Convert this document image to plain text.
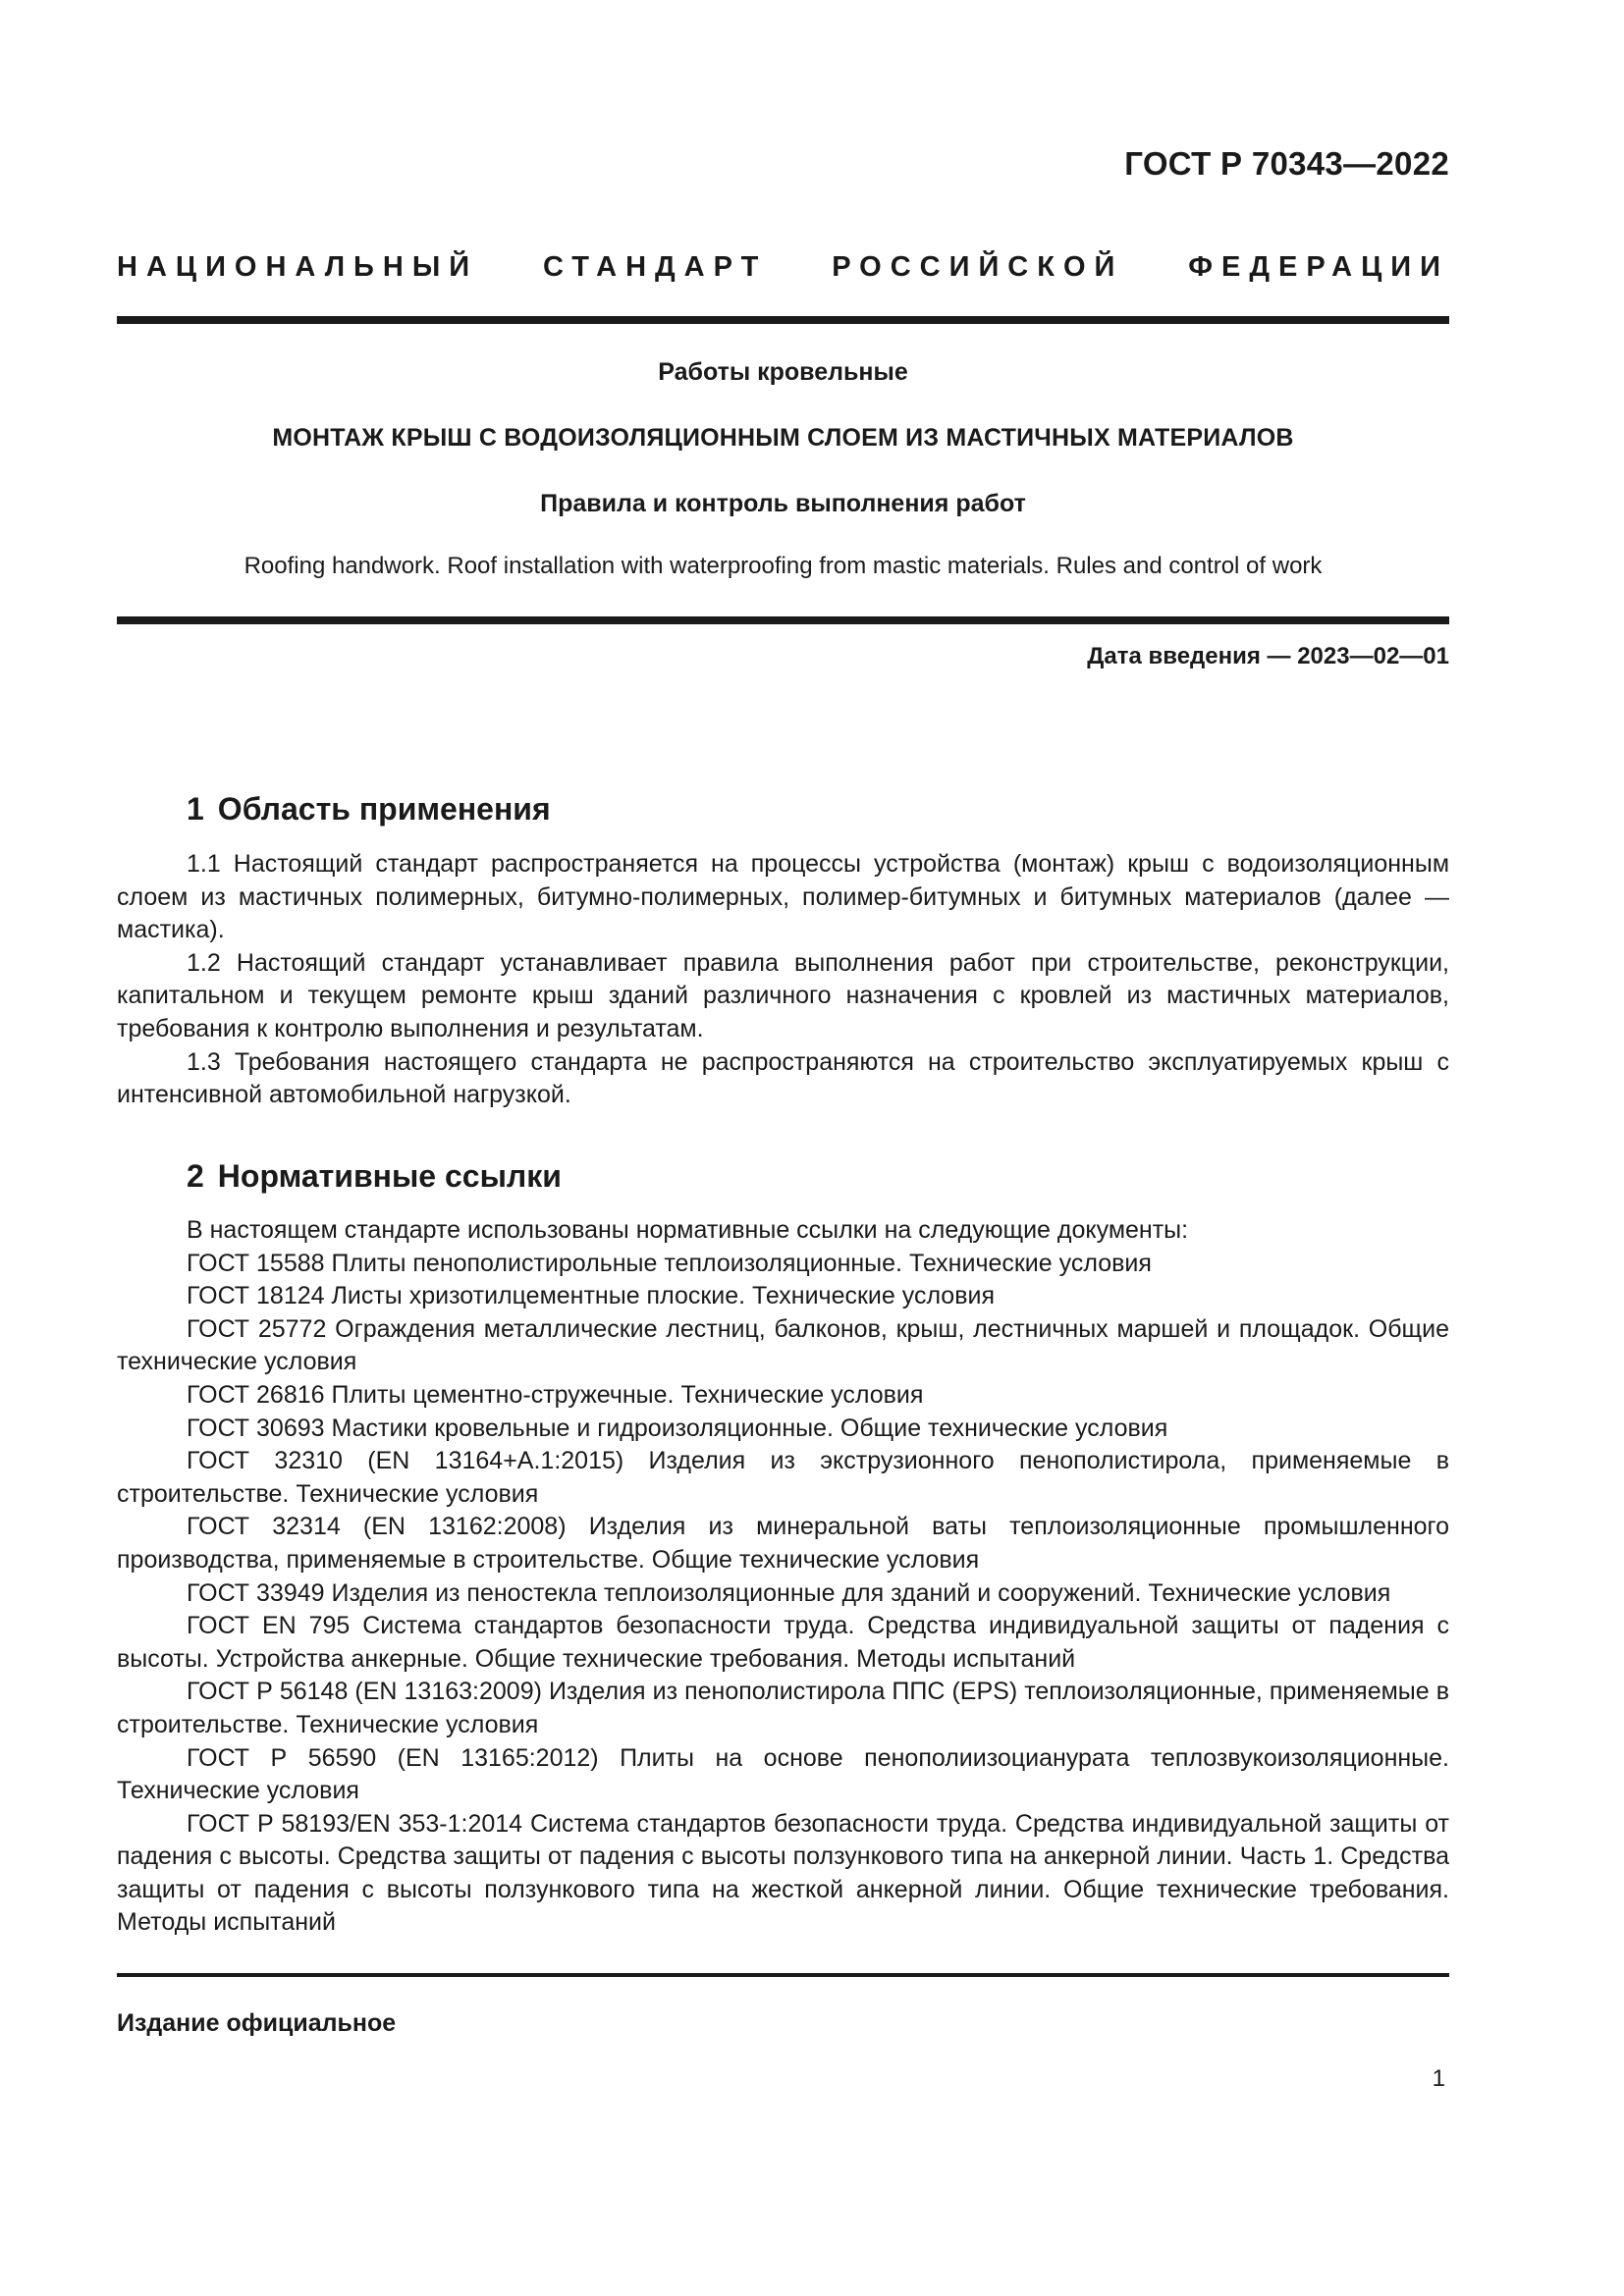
ГОСТ Р 70343—2022
НАЦИОНАЛЬНЫЙ СТАНДАРТ РОССИЙСКОЙ ФЕДЕРАЦИИ
Работы кровельные
МОНТАЖ КРЫШ С ВОДОИЗОЛЯЦИОННЫМ СЛОЕМ ИЗ МАСТИЧНЫХ МАТЕРИАЛОВ
Правила и контроль выполнения работ
Roofing handwork. Roof installation with waterproofing from mastic materials. Rules and control of work
Дата введения — 2023—02—01
1 Область применения

1.1 Настоящий стандарт распространяется на процессы устройства (монтаж) крыш с водоизоляционным слоем из мастичных полимерных, битумно-полимерных, полимер-битумных и битумных материалов (далее — мастика).

1.2 Настоящий стандарт устанавливает правила выполнения работ при строительстве, реконструкции, капитальном и текущем ремонте крыш зданий различного назначения с кровлей из мастичных материалов, требования к контролю выполнения и результатам.

1.3 Требования настоящего стандарта не распространяются на строительство эксплуатируемых крыш с интенсивной автомобильной нагрузкой.

2 Нормативные ссылки

В настоящем стандарте использованы нормативные ссылки на следующие документы:

ГОСТ 15588 Плиты пенополистирольные теплоизоляционные. Технические условия

ГОСТ 18124 Листы хризотилцементные плоские. Технические условия

ГОСТ 25772 Ограждения металлические лестниц, балконов, крыш, лестничных маршей и площадок. Общие технические условия

ГОСТ 26816 Плиты цементно-стружечные. Технические условия

ГОСТ 30693 Мастики кровельные и гидроизоляционные. Общие технические условия

ГОСТ 32310 (EN 13164+A.1:2015) Изделия из экструзионного пенополистирола, применяемые в строительстве. Технические условия

ГОСТ 32314 (EN 13162:2008) Изделия из минеральной ваты теплоизоляционные промышленного производства, применяемые в строительстве. Общие технические условия

ГОСТ 33949 Изделия из пеностекла теплоизоляционные для зданий и сооружений. Технические условия

ГОСТ EN 795 Система стандартов безопасности труда. Средства индивидуальной защиты от падения с высоты. Устройства анкерные. Общие технические требования. Методы испытаний

ГОСТ Р 56148 (EN 13163:2009) Изделия из пенополистирола ППС (EPS) теплоизоляционные, применяемые в строительстве. Технические условия

ГОСТ Р 56590 (EN 13165:2012) Плиты на основе пенополиизоцианурата теплозвукоизоляционные. Технические условия

ГОСТ Р 58193/EN 353-1:2014 Система стандартов безопасности труда. Средства индивидуальной защиты от падения с высоты. Средства защиты от падения с высоты ползункового типа на анкерной линии. Часть 1. Средства защиты от падения с высоты ползункового типа на жесткой анкерной линии. Общие технические требования. Методы испытаний

Издание официальное
1
